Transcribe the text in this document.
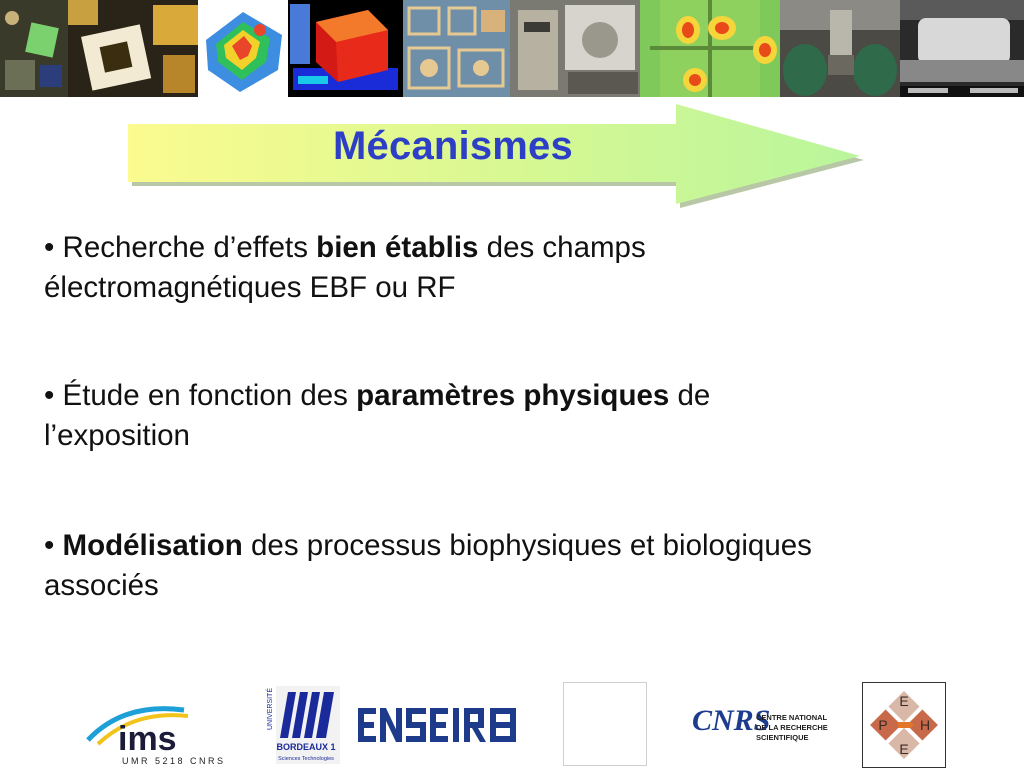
Mécanismes

• Recherche d’effets bien établis des champs électromagnétiques EBF ou RF

• Étude en fonction des paramètres physiques de l’exposition

• Modélisation des processus biophysiques et biologiques associés

ims
UMR 5218 CNRS
UNIVERSITÉ
BORDEAUX 1
Sciences Technologies
CNRS
CENTRE NATIONAL
DE LA RECHERCHE
SCIENTIFIQUE
E
P H
E
